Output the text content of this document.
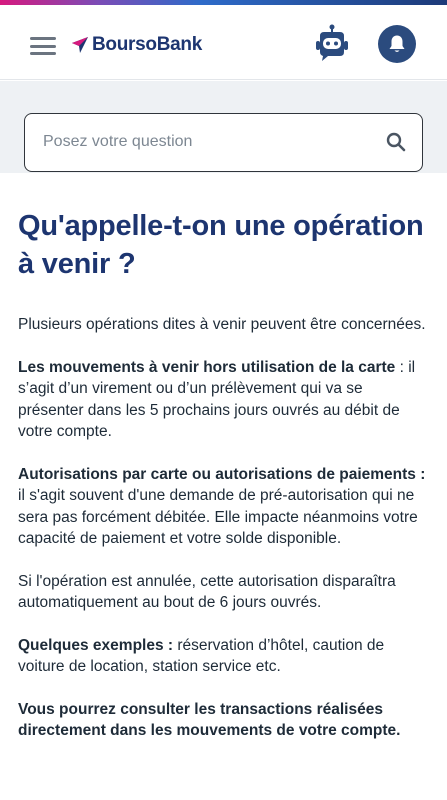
BoursoBank
Posez votre question
Qu'appelle-t-on une opération à venir ?

Plusieurs opérations dites à venir peuvent être concernées.

Les mouvements à venir hors utilisation de la carte : il s’agit d’un virement ou d’un prélèvement qui va se présenter dans les 5 prochains jours ouvrés au débit de votre compte.

Autorisations par carte ou autorisations de paiements : il s'agit souvent d'une demande de pré-autorisation qui ne sera pas forcément débitée. Elle impacte néanmoins votre capacité de paiement et votre solde disponible.

Si l'opération est annulée, cette autorisation disparaîtra automatiquement au bout de 6 jours ouvrés.

Quelques exemples : réservation d’hôtel, caution de voiture de location, station service etc.

Vous pourrez consulter les transactions réalisées directement dans les mouvements de votre compte.
